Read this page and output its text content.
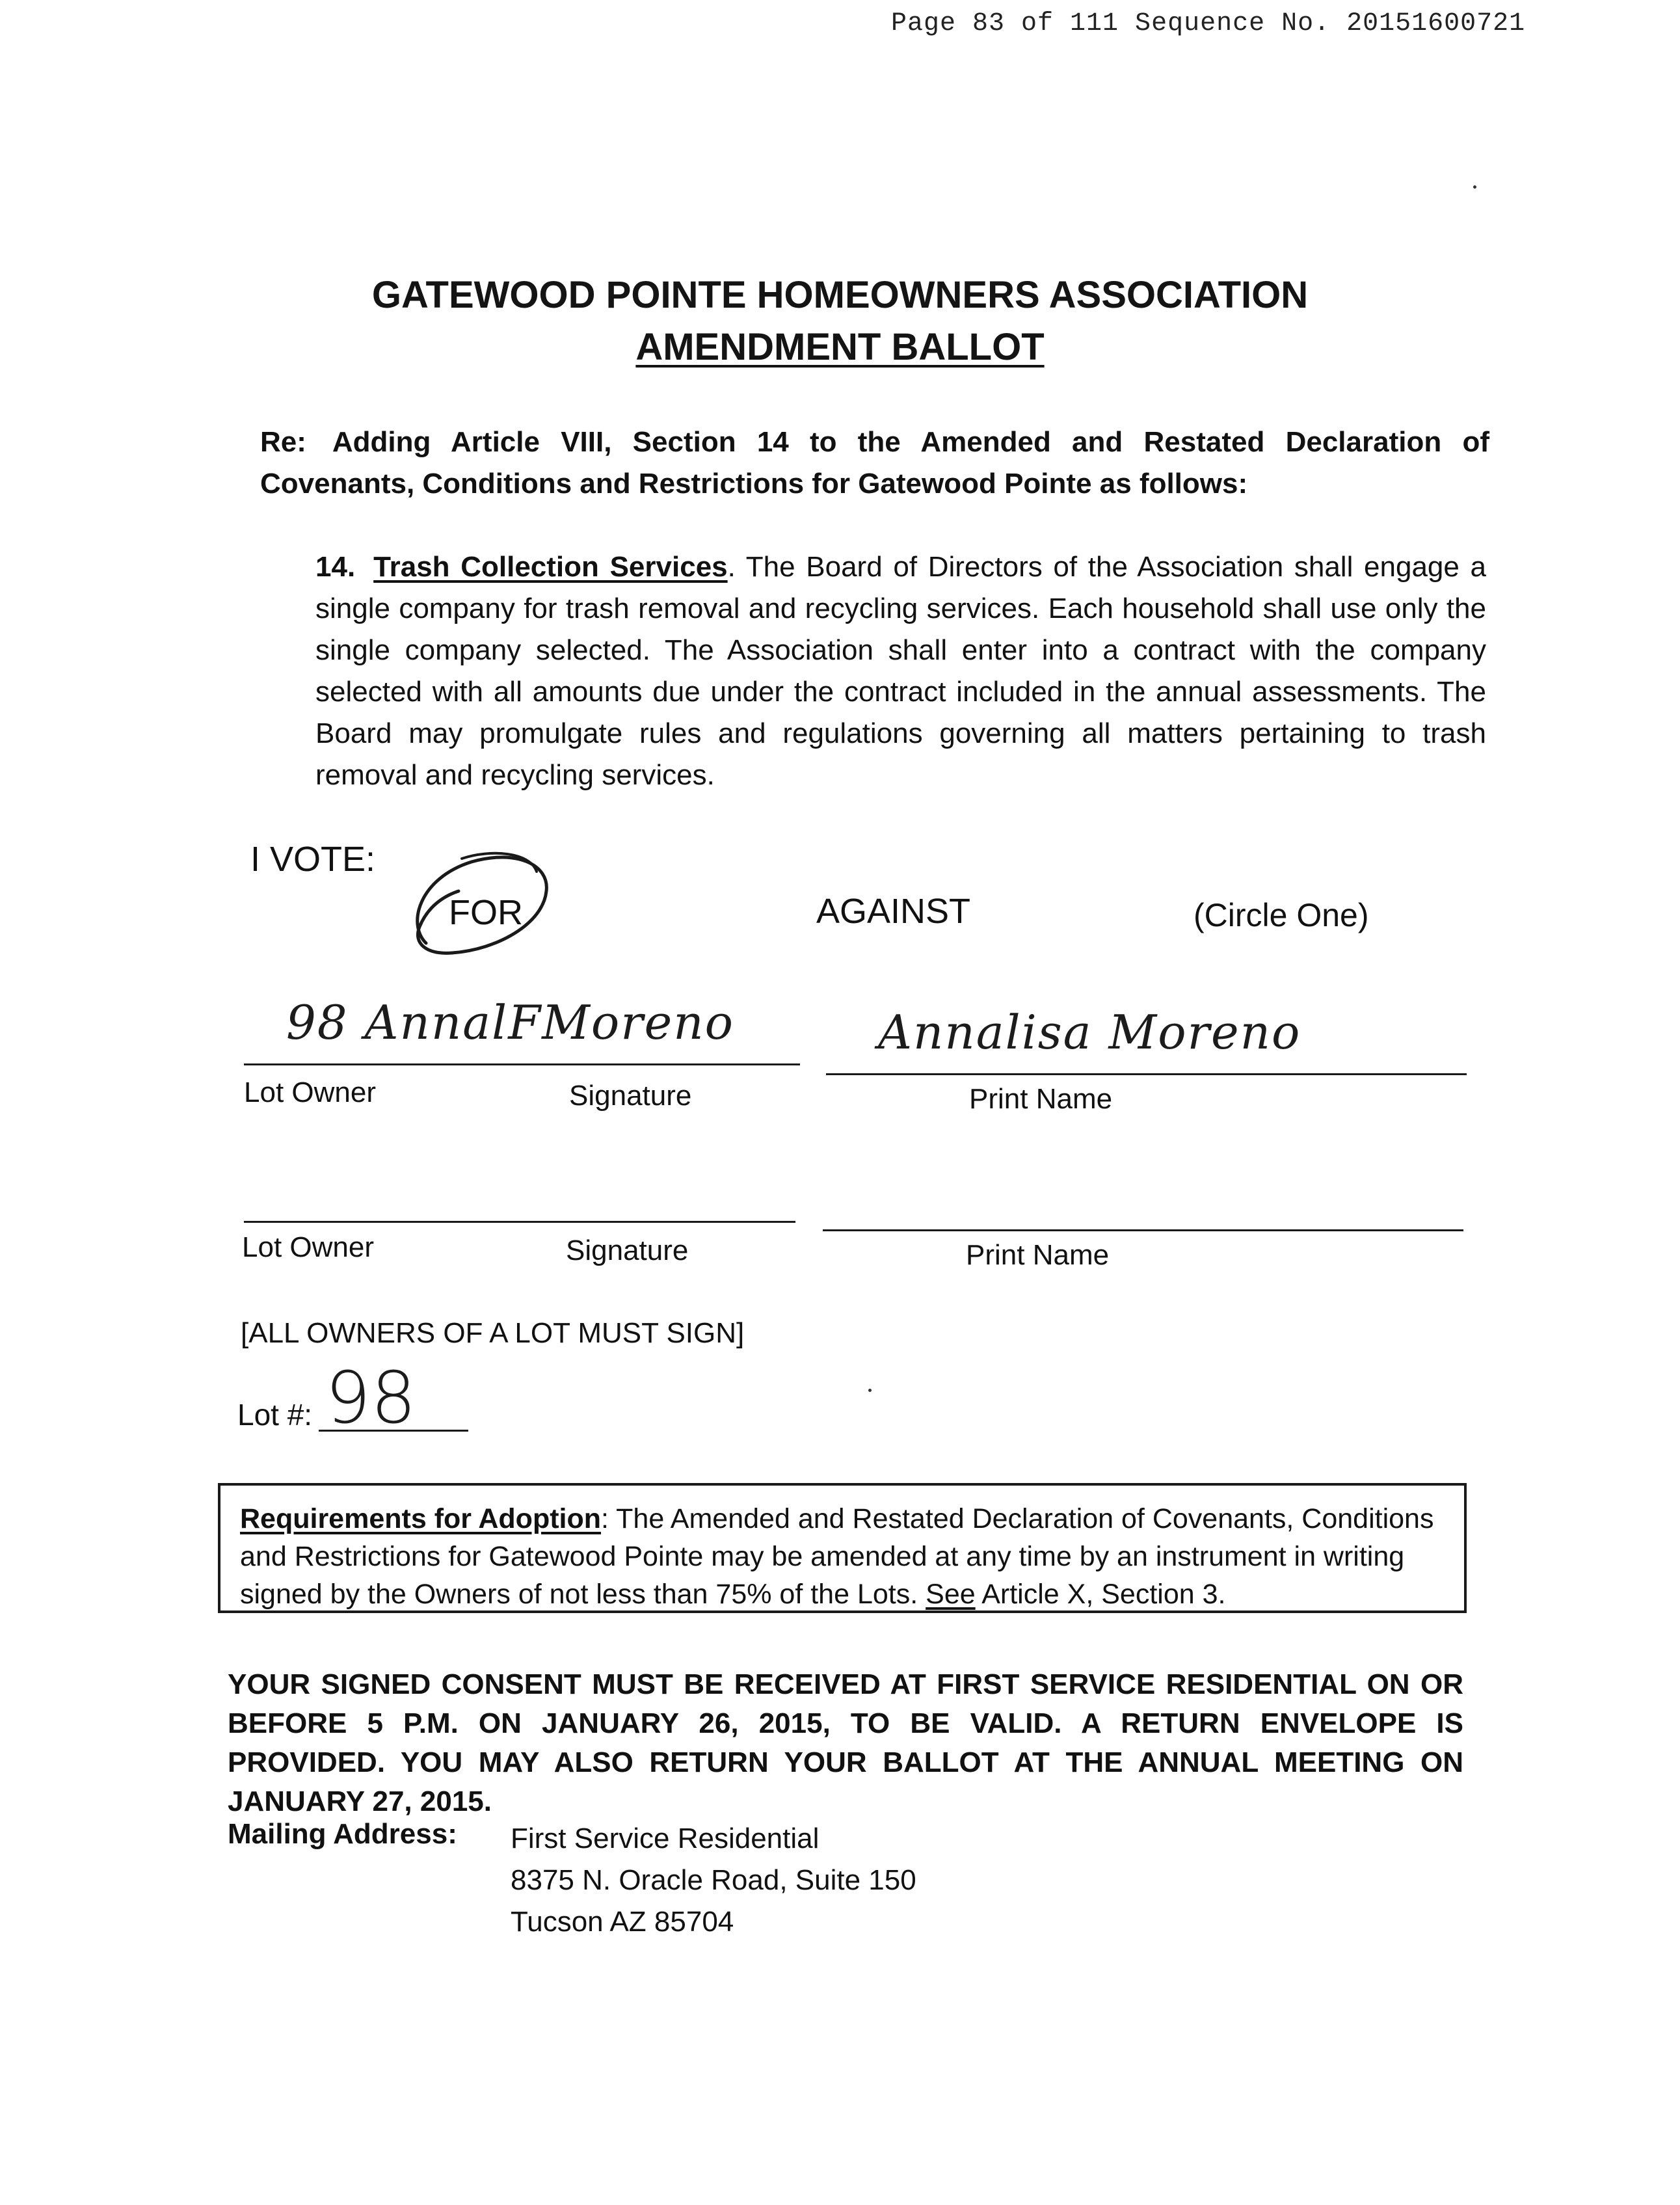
Page 83 of 111 Sequence No. 20151600721
GATEWOOD POINTE HOMEOWNERS ASSOCIATION
AMENDMENT BALLOT
Re: Adding Article VIII, Section 14 to the Amended and Restated Declaration of Covenants, Conditions and Restrictions for Gatewood Pointe as follows:
14. Trash Collection Services. The Board of Directors of the Association shall engage a single company for trash removal and recycling services. Each household shall use only the single company selected. The Association shall enter into a contract with the company selected with all amounts due under the contract included in the annual assessments. The Board may promulgate rules and regulations governing all matters pertaining to trash removal and recycling services.
I VOTE:
FOR	AGAINST	(Circle One)
98 AnnalFMoreno	Annalisa Moreno
Lot Owner	Signature	Print Name
Lot Owner	Signature	Print Name
[ALL OWNERS OF A LOT MUST SIGN]
Lot #: 98
Requirements for Adoption: The Amended and Restated Declaration of Covenants, Conditions and Restrictions for Gatewood Pointe may be amended at any time by an instrument in writing signed by the Owners of not less than 75% of the Lots. See Article X, Section 3.
YOUR SIGNED CONSENT MUST BE RECEIVED AT FIRST SERVICE RESIDENTIAL ON OR BEFORE 5 P.M. ON JANUARY 26, 2015, TO BE VALID. A RETURN ENVELOPE IS PROVIDED. YOU MAY ALSO RETURN YOUR BALLOT AT THE ANNUAL MEETING ON JANUARY 27, 2015.
Mailing Address: First Service Residential
8375 N. Oracle Road, Suite 150
Tucson AZ 85704
